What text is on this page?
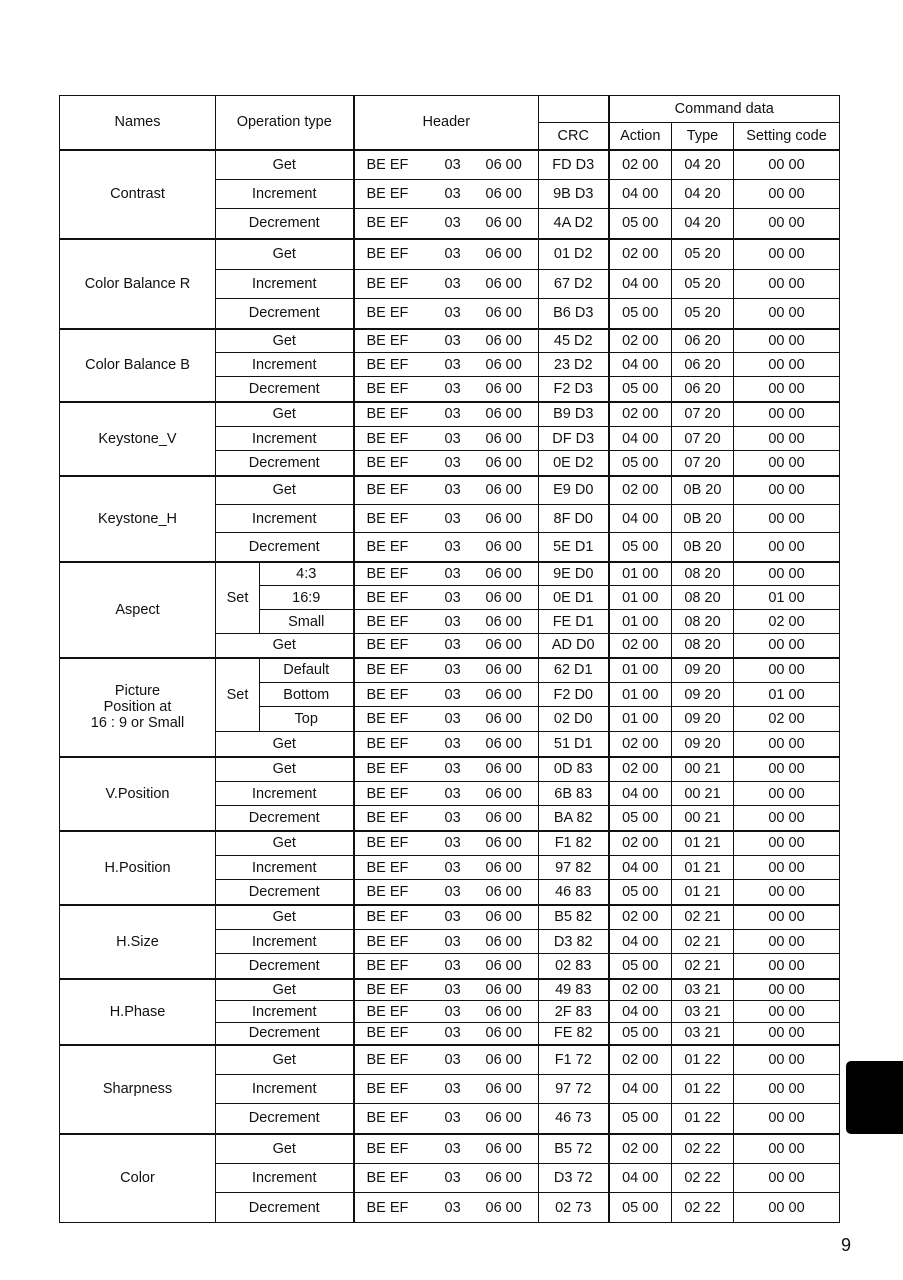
Names	Operation type		Header		Command data		
				CRC	Action	Type	Setting code
Contrast	Get		BE EF 03 06 00	FD D3	02 00	04 20	00 00
	Increment		BE EF 03 06 00	9B D3	04 00	04 20	00 00
	Decrement		BE EF 03 06 00	4A D2	05 00	04 20	00 00
Color Balance R	Get		BE EF 03 06 00	01 D2	02 00	05 20	00 00
	Increment		BE EF 03 06 00	67 D2	04 00	05 20	00 00
	Decrement		BE EF 03 06 00	B6 D3	05 00	05 20	00 00
Color Balance B	Get		BE EF 03 06 00	45 D2	02 00	06 20	00 00
	Increment		BE EF 03 06 00	23 D2	04 00	06 20	00 00
	Decrement		BE EF 03 06 00	F2 D3	05 00	06 20	00 00
Keystone_V	Get		BE EF 03 06 00	B9 D3	02 00	07 20	00 00
	Increment		BE EF 03 06 00	DF D3	04 00	07 20	00 00
	Decrement		BE EF 03 06 00	0E D2	05 00	07 20	00 00
Keystone_H	Get		BE EF 03 06 00	E9 D0	02 00	0B 20	00 00
	Increment		BE EF 03 06 00	8F D0	04 00	0B 20	00 00
	Decrement		BE EF 03 06 00	5E D1	05 00	0B 20	00 00
Aspect	Set	4:3	BE EF 03 06 00	9E D0	01 00	08 20	00 00
		16:9	BE EF 03 06 00	0E D1	01 00	08 20	01 00
		Small	BE EF 03 06 00	FE D1	01 00	08 20	02 00
	Get		BE EF 03 06 00	AD D0	02 00	08 20	00 00

Picture
Position at
16 : 9 or Small	Set	Default	BE EF 03 06 00	62 D1	01 00	09 20	00 00
		Bottom	BE EF 03 06 00	F2 D0	01 00	09 20	01 00
		Top	BE EF 03 06 00	02 D0	01 00	09 20	02 00
	Get		BE EF 03 06 00	51 D1	02 00	09 20	00 00
V.Position	Get		BE EF 03 06 00	0D 83	02 00	00 21	00 00
	Increment		BE EF 03 06 00	6B 83	04 00	00 21	00 00
	Decrement		BE EF 03 06 00	BA 82	05 00	00 21	00 00
H.Position	Get		BE EF 03 06 00	F1 82	02 00	01 21	00 00
	Increment		BE EF 03 06 00	97 82	04 00	01 21	00 00
	Decrement		BE EF 03 06 00	46 83	05 00	01 21	00 00
H.Size	Get		BE EF 03 06 00	B5 82	02 00	02 21	00 00
	Increment		BE EF 03 06 00	D3 82	04 00	02 21	00 00
	Decrement		BE EF 03 06 00	02 83	05 00	02 21	00 00
H.Phase	Get		BE EF 03 06 00	49 83	02 00	03 21	00 00
	Increment		BE EF 03 06 00	2F 83	04 00	03 21	00 00
	Decrement		BE EF 03 06 00	FE 82	05 00	03 21	00 00
Sharpness	Get		BE EF 03 06 00	F1 72	02 00	01 22	00 00
	Increment		BE EF 03 06 00	97 72	04 00	01 22	00 00
	Decrement		BE EF 03 06 00	46 73	05 00	01 22	00 00
Color	Get		BE EF 03 06 00	B5 72	02 00	02 22	00 00
	Increment		BE EF 03 06 00	D3 72	04 00	02 22	00 00
	Decrement		BE EF 03 06 00	02 73	05 00	02 22	00 00
9
